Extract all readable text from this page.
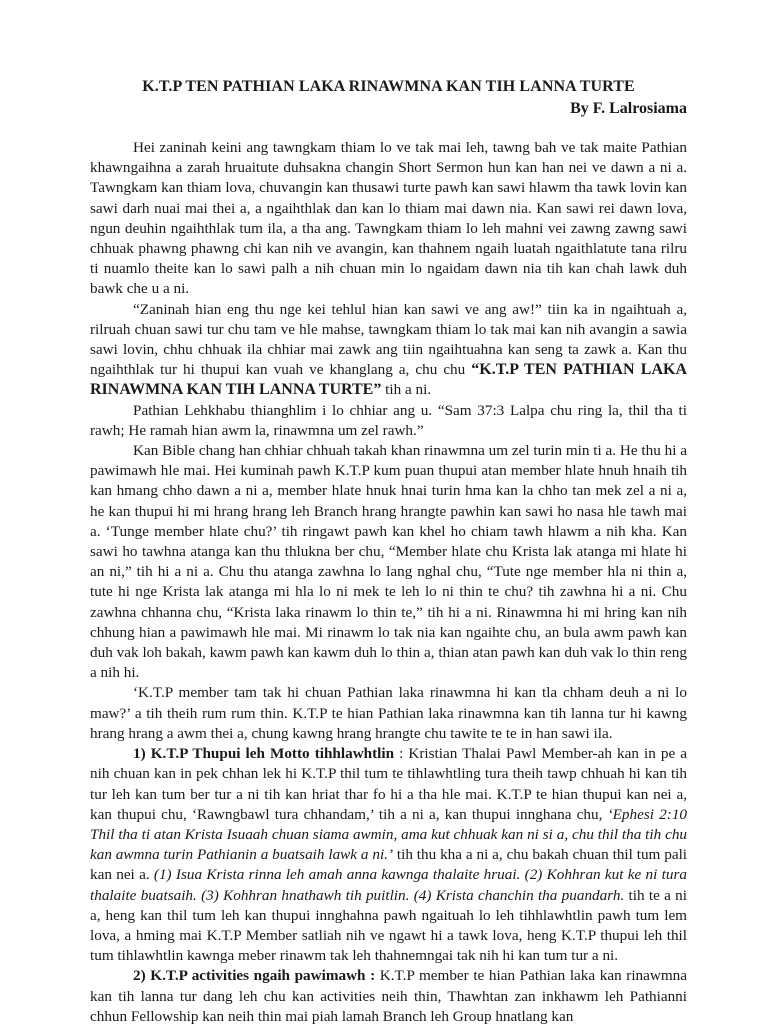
K.T.P TEN PATHIAN LAKA RINAWMNA KAN TIH LANNA TURTE
By F. Lalrosiama

Hei zaninah keini ang tawngkam thiam lo ve tak mai leh, tawng bah ve tak maite Pathian khawngaihna a zarah hruaitute duhsakna changin Short Sermon hun kan han nei ve dawn a ni a. Tawngkam kan thiam lova, chuvangin kan thusawi turte pawh kan sawi hlawm tha tawk lovin kan sawi darh nuai mai thei a, a ngaihthlak dan kan lo thiam mai dawn nia. Kan sawi rei dawn lova, ngun deuhin ngaihthlak tum ila, a tha ang. Tawngkam thiam lo leh mahni vei zawng zawng sawi chhuak phawng phawng chi kan nih ve avangin, kan thahnem ngaih luatah ngaithlatute tana rilru ti nuamlo theite kan lo sawi palh a nih chuan min lo ngaidam dawn nia tih kan chah lawk duh bawk che u a ni.

“Zaninah hian eng thu nge kei tehlul hian kan sawi ve ang aw!” tiin ka in ngaihtuah a, rilruah chuan sawi tur chu tam ve hle mahse, tawngkam thiam lo tak mai kan nih avangin a sawia sawi lovin, chhu chhuak ila chhiar mai zawk ang tiin ngaihtuahna kan seng ta zawk a. Kan thu ngaihthlak tur hi thupui kan vuah ve khanglang a, chu chu “K.T.P TEN PATHIAN LAKA RINAWMNA KAN TIH LANNA TURTE” tih a ni.

Pathian Lehkhabu thianghlim i lo chhiar ang u. “Sam 37:3 Lalpa chu ring la, thil tha ti rawh; He ramah hian awm la, rinawmna um zel rawh.”

Kan Bible chang han chhiar chhuah takah khan rinawmna um zel turin min ti a. He thu hi a pawimawh hle mai. Hei kuminah pawh K.T.P kum puan thupui atan member hlate hnuh hnaih tih kan hmang chho dawn a ni a, member hlate hnuk hnai turin hma kan la chho tan mek zel a ni a, he kan thupui hi mi hrang hrang leh Branch hrang hrangte pawhin kan sawi ho nasa hle tawh mai a. ‘Tunge member hlate chu?’ tih ringawt pawh kan khel ho chiam tawh hlawm a nih kha. Kan sawi ho tawhna atanga kan thu thlukna ber chu, “Member hlate chu Krista lak atanga mi hlate hi an ni,” tih hi a ni a. Chu thu atanga zawhna lo lang nghal chu, “Tute nge member hla ni thin a, tute hi nge Krista lak atanga mi hla lo ni mek te leh lo ni thin te chu? tih zawhna hi a ni. Chu zawhna chhanna chu, “Krista laka rinawm lo thin te,” tih hi a ni. Rinawmna hi mi hring kan nih chhung hian a pawimawh hle mai. Mi rinawm lo tak nia kan ngaihte chu, an bula awm pawh kan duh vak loh bakah, kawm pawh kan kawm duh lo thin a, thian atan pawh kan duh vak lo thin reng a nih hi.

‘K.T.P member tam tak hi chuan Pathian laka rinawmna hi kan tla chham deuh a ni lo maw?’ a tih theih rum rum thin. K.T.P te hian Pathian laka rinawmna kan tih lanna tur hi kawng hrang hrang a awm thei a, chung kawng hrang hrangte chu tawite te te in han sawi ila.

1) K.T.P Thupui leh Motto tihhlawhtlin : Kristian Thalai Pawl Member-ah kan in pe a nih chuan kan in pek chhan lek hi K.T.P thil tum te tihlawhtling tura theih tawp chhuah hi kan tih tur leh kan tum ber tur a ni tih kan hriat thar fo hi a tha hle mai. K.T.P te hian thupui kan nei a, kan thupui chu, ‘Rawngbawl tura chhandam,’ tih a ni a, kan thupui innghana chu, ‘Ephesi 2:10 Thil tha ti atan Krista Isuaah chuan siama awmin, ama kut chhuak kan ni si a, chu thil tha tih chu kan awmna turin Pathianin a buatsaih lawk a ni.’ tih thu kha a ni a, chu bakah chuan thil tum pali kan nei a. (1) Isua Krista rinna leh amah anna kawnga thalaite hruai. (2) Kohhran kut ke ni tura thalaite buatsaih. (3) Kohhran hnathawh tih puitlin. (4) Krista chanchin tha puandarh. tih te a ni a, heng kan thil tum leh kan thupui innghahna pawh ngaituah lo leh tihhlawhtlin pawh tum lem lova, a hming mai K.T.P Member satliah nih ve ngawt hi a tawk lova, heng K.T.P thupui leh thil tum tihlawhtlin kawnga meber rinawm tak leh thahnemngai tak nih hi kan tum tur a ni.

2) K.T.P activities ngaih pawimawh : K.T.P member te hian Pathian laka kan rinawmna kan tih lanna tur dang leh chu kan activities neih thin, Thawhtan zan inkhawm leh Pathianni chhun Fellowship kan neih thin mai piah lamah Branch leh Group hnatlang kan
